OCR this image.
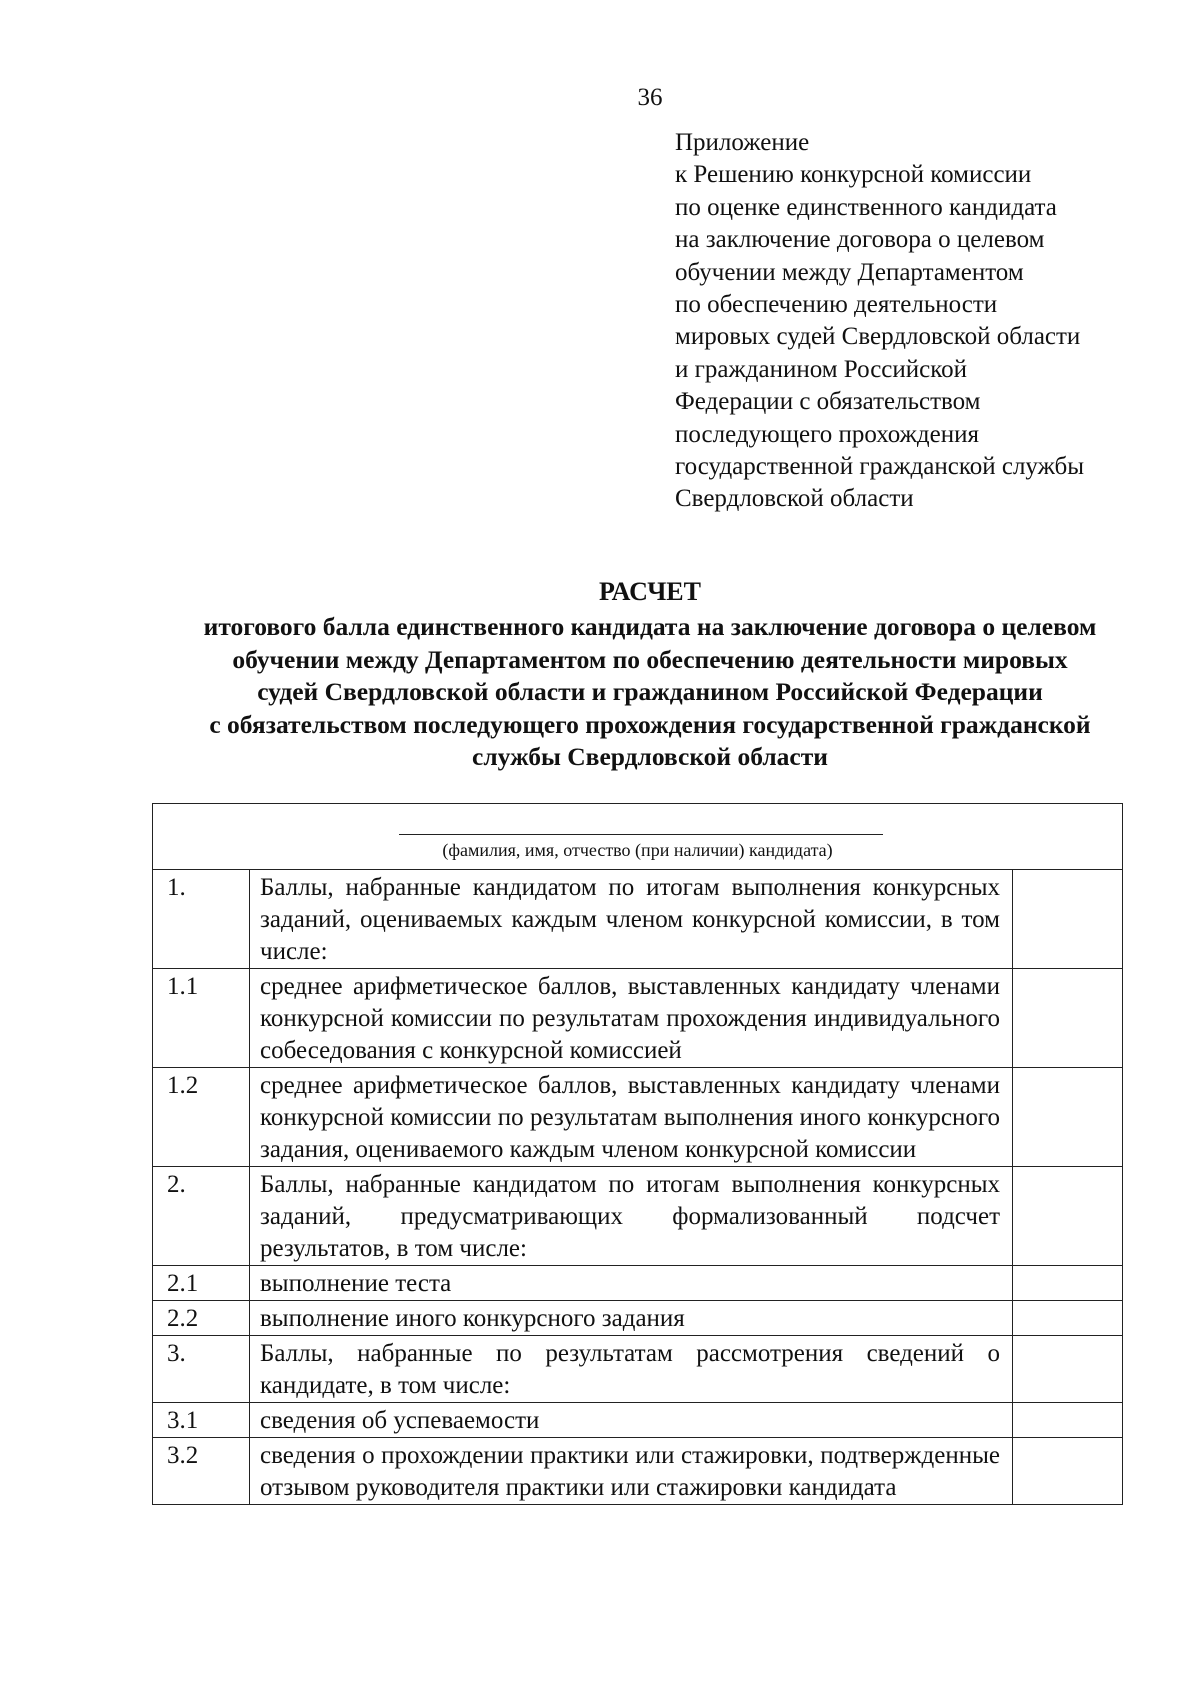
36
Приложение
к Решению конкурсной комиссии
по оценке единственного кандидата
на заключение договора о целевом
обучении между Департаментом
по обеспечению деятельности
мировых судей Свердловской области
и гражданином Российской
Федерации с обязательством
последующего прохождения
государственной гражданской службы
Свердловской области
РАСЧЕТ
итогового балла единственного кандидата на заключение договора о целевом
обучении между Департаментом по обеспечению деятельности мировых
судей Свердловской области и гражданином Российской Федерации
с обязательством последующего прохождения государственной гражданской
службы Свердловской области
(фамилия, имя, отчество (при наличии) кандидата)		

1.	Баллы, набранные кандидатом по итогам выполнения конкурсных заданий, оцениваемых каждым членом конкурсной комиссии, в том числе:	
1.1	среднее арифметическое баллов, выставленных кандидату членами конкурсной комиссии по результатам прохождения индивидуального собеседования с конкурсной комиссией	
1.2	среднее арифметическое баллов, выставленных кандидату членами конкурсной комиссии по результатам выполнения иного конкурсного задания, оцениваемого каждым членом конкурсной комиссии	
2.	Баллы, набранные кандидатом по итогам выполнения конкурсных заданий, предусматривающих формализованный подсчет результатов, в том числе:	
2.1	выполнение теста	
2.2	выполнение иного конкурсного задания	
3.	Баллы, набранные по результатам рассмотрения сведений о кандидате, в том числе:	
3.1	сведения об успеваемости	
3.2	сведения о прохождении практики или стажировки, подтвержденные отзывом руководителя практики или стажировки кандидата	
